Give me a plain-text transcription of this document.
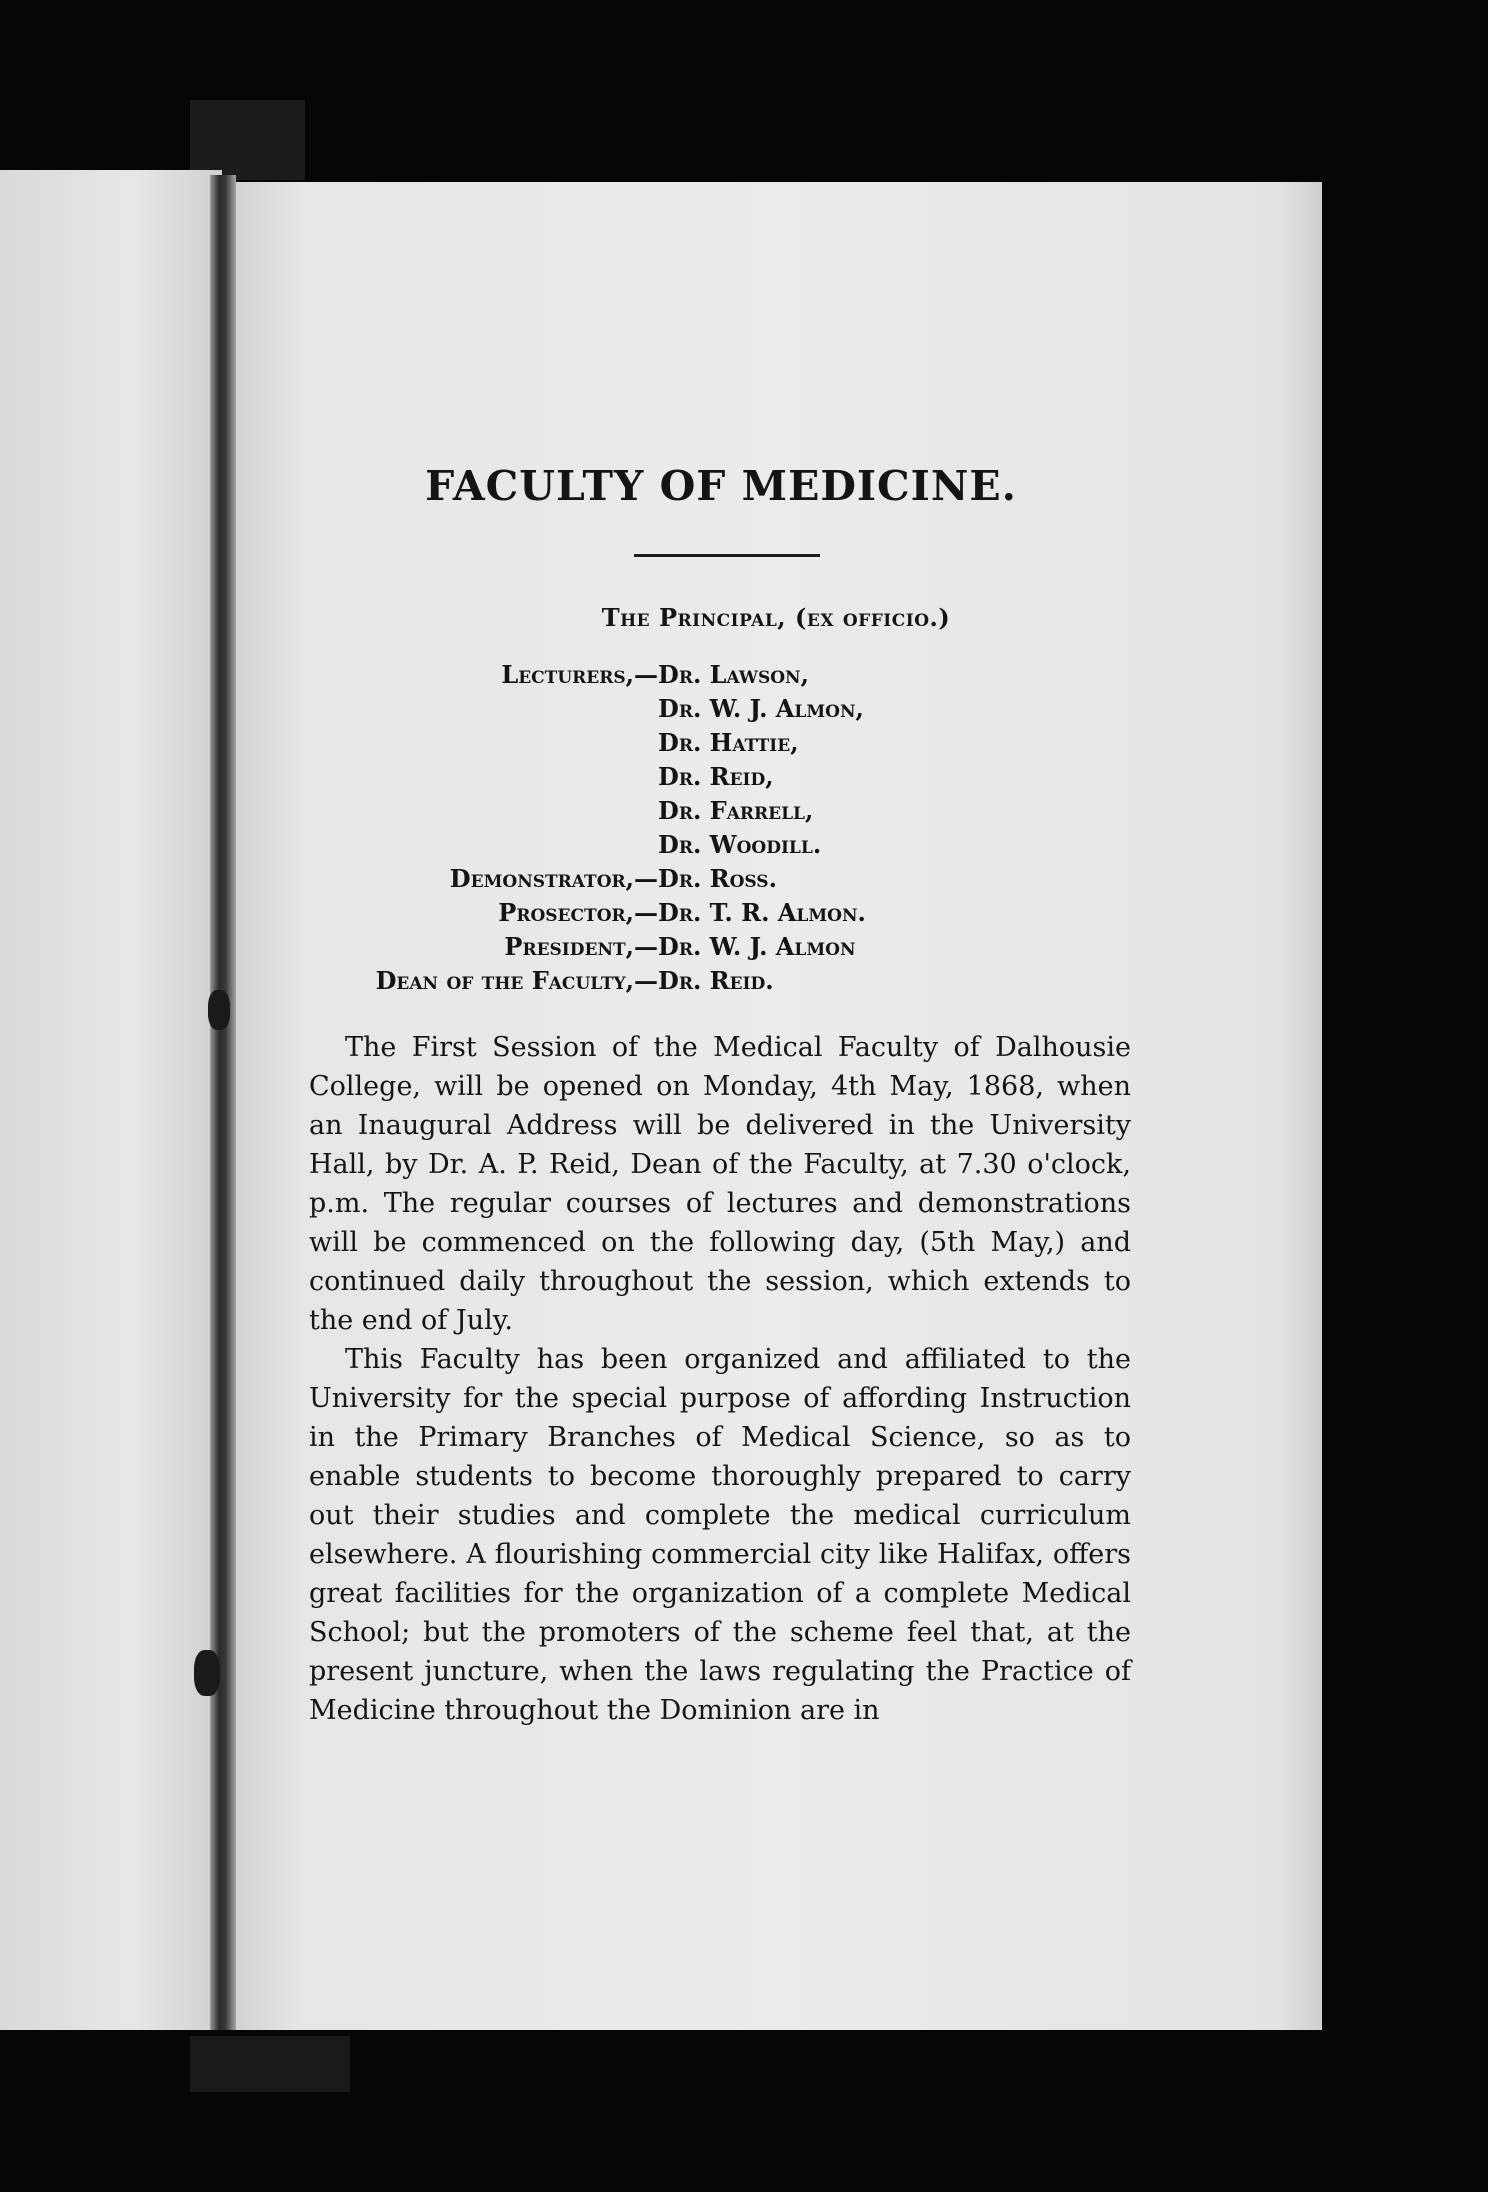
FACULTY OF MEDICINE.
The Principal, (ex officio.)
Lecturers,— Dr. Lawson,
Dr. W. J. Almon,
Dr. Hattie,
Dr. Reid,
Dr. Farrell,
Dr. Woodill.
Demonstrator,— Dr. Ross.
Prosector,— Dr. T. R. Almon.
President,— Dr. W. J. Almon
Dean of the Faculty,— Dr. Reid.

The First Session of the Medical Faculty of Dalhousie College, will be opened on Monday, 4th May, 1868, when an Inaugural Address will be delivered in the University Hall, by Dr. A. P. Reid, Dean of the Faculty, at 7.30 o'clock, p.m. The regular courses of lectures and demonstrations will be commenced on the following day, (5th May,) and continued daily throughout the session, which extends to the end of July.

This Faculty has been organized and affiliated to the University for the special purpose of affording Instruction in the Primary Branches of Medical Science, so as to enable students to become thoroughly prepared to carry out their studies and complete the medical curriculum elsewhere. A flourishing commercial city like Halifax, offers great facilities for the organization of a complete Medical School; but the promoters of the scheme feel that, at the present juncture, when the laws regulating the Practice of Medicine throughout the Dominion are in
